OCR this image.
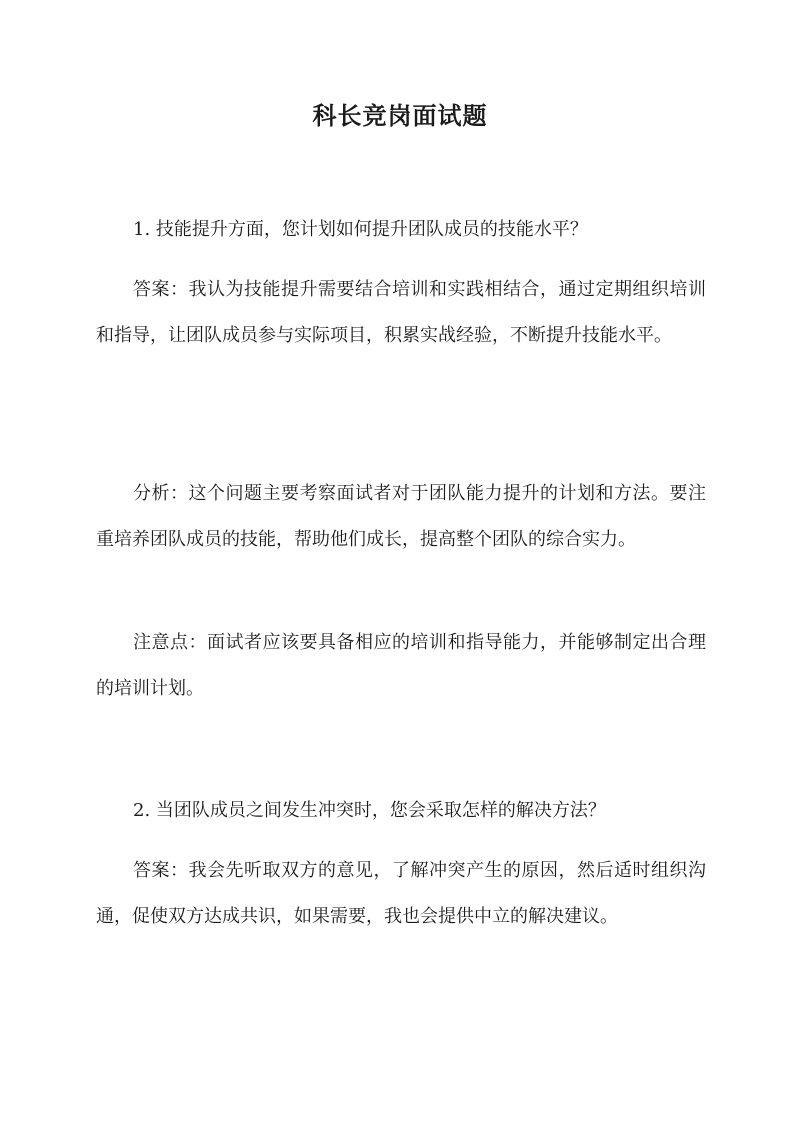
科长竞岗面试题

1. 技能提升方面，您计划如何提升团队成员的技能水平？

答案：我认为技能提升需要结合培训和实践相结合，通过定期组织培训和指导，让团队成员参与实际项目，积累实战经验，不断提升技能水平。

分析：这个问题主要考察面试者对于团队能力提升的计划和方法。要注重培养团队成员的技能，帮助他们成长，提高整个团队的综合实力。

注意点：面试者应该要具备相应的培训和指导能力，并能够制定出合理的培训计划。

2. 当团队成员之间发生冲突时，您会采取怎样的解决方法？

答案：我会先听取双方的意见，了解冲突产生的原因，然后适时组织沟通，促使双方达成共识，如果需要，我也会提供中立的解决建议。
